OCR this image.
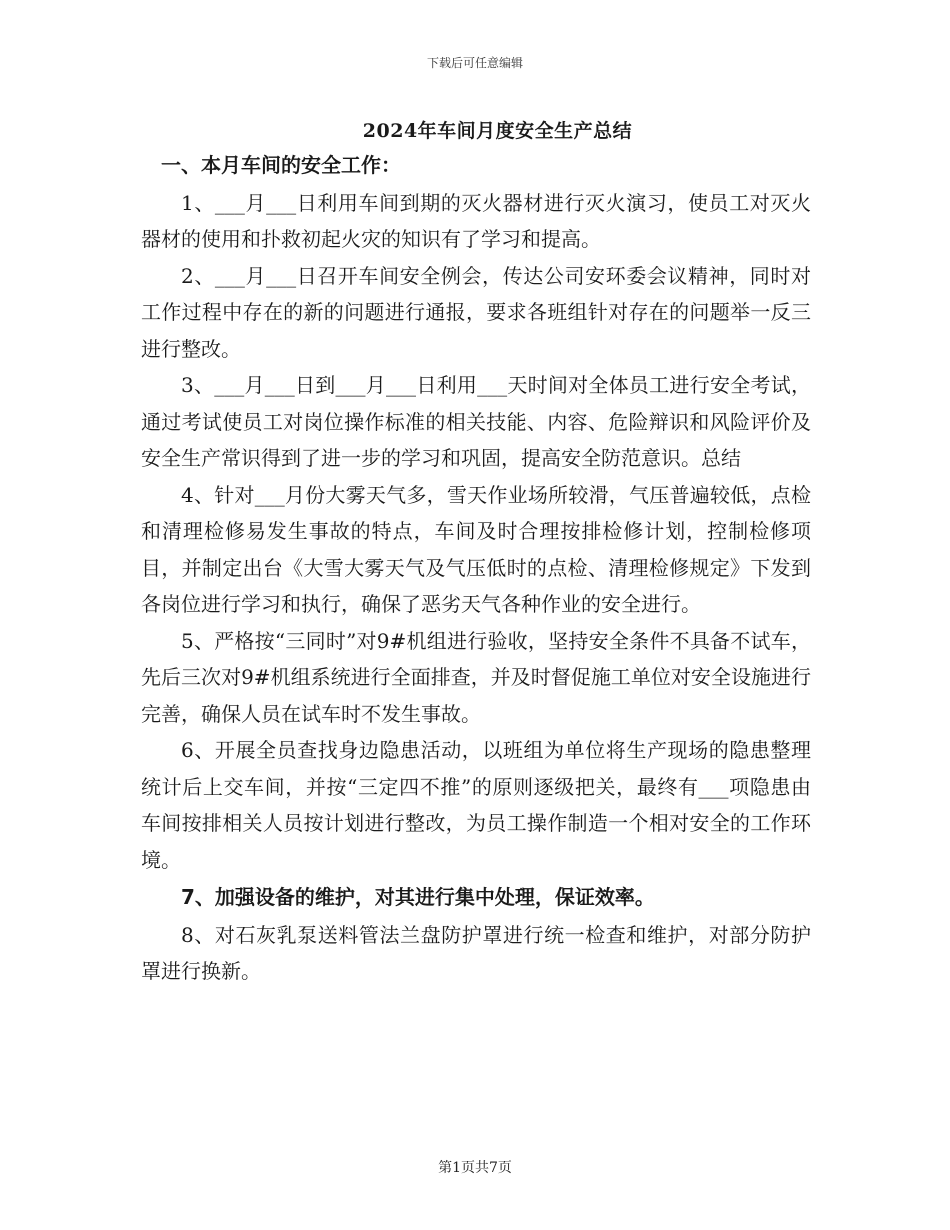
下载后可任意编辑
2024年车间月度安全生产总结

一、本月车间的安全工作：

1、___月___日利用车间到期的灭火器材进行灭火演习，使员工对灭火器材的使用和扑救初起火灾的知识有了学习和提高。

2、___月___日召开车间安全例会，传达公司安环委会议精神，同时对工作过程中存在的新的问题进行通报，要求各班组针对存在的问题举一反三进行整改。

3、___月___日到___月___日利用___天时间对全体员工进行安全考试，通过考试使员工对岗位操作标准的相关技能、内容、危险辩识和风险评价及安全生产常识得到了进一步的学习和巩固，提高安全防范意识。总结

4、针对___月份大雾天气多，雪天作业场所较滑，气压普遍较低，点检和清理检修易发生事故的特点，车间及时合理按排检修计划，控制检修项目，并制定出台《大雪大雾天气及气压低时的点检、清理检修规定》下发到各岗位进行学习和执行，确保了恶劣天气各种作业的安全进行。

5、严格按“三同时”对9#机组进行验收，坚持安全条件不具备不试车，先后三次对9#机组系统进行全面排查，并及时督促施工单位对安全设施进行完善，确保人员在试车时不发生事故。

6、开展全员查找身边隐患活动，以班组为单位将生产现场的隐患整理统计后上交车间，并按“三定四不推”的原则逐级把关，最终有___项隐患由车间按排相关人员按计划进行整改，为员工操作制造一个相对安全的工作环境。

7、加强设备的维护，对其进行集中处理，保证效率。

8、对石灰乳泵送料管法兰盘防护罩进行统一检查和维护，对部分防护罩进行换新。

第1页共7页
